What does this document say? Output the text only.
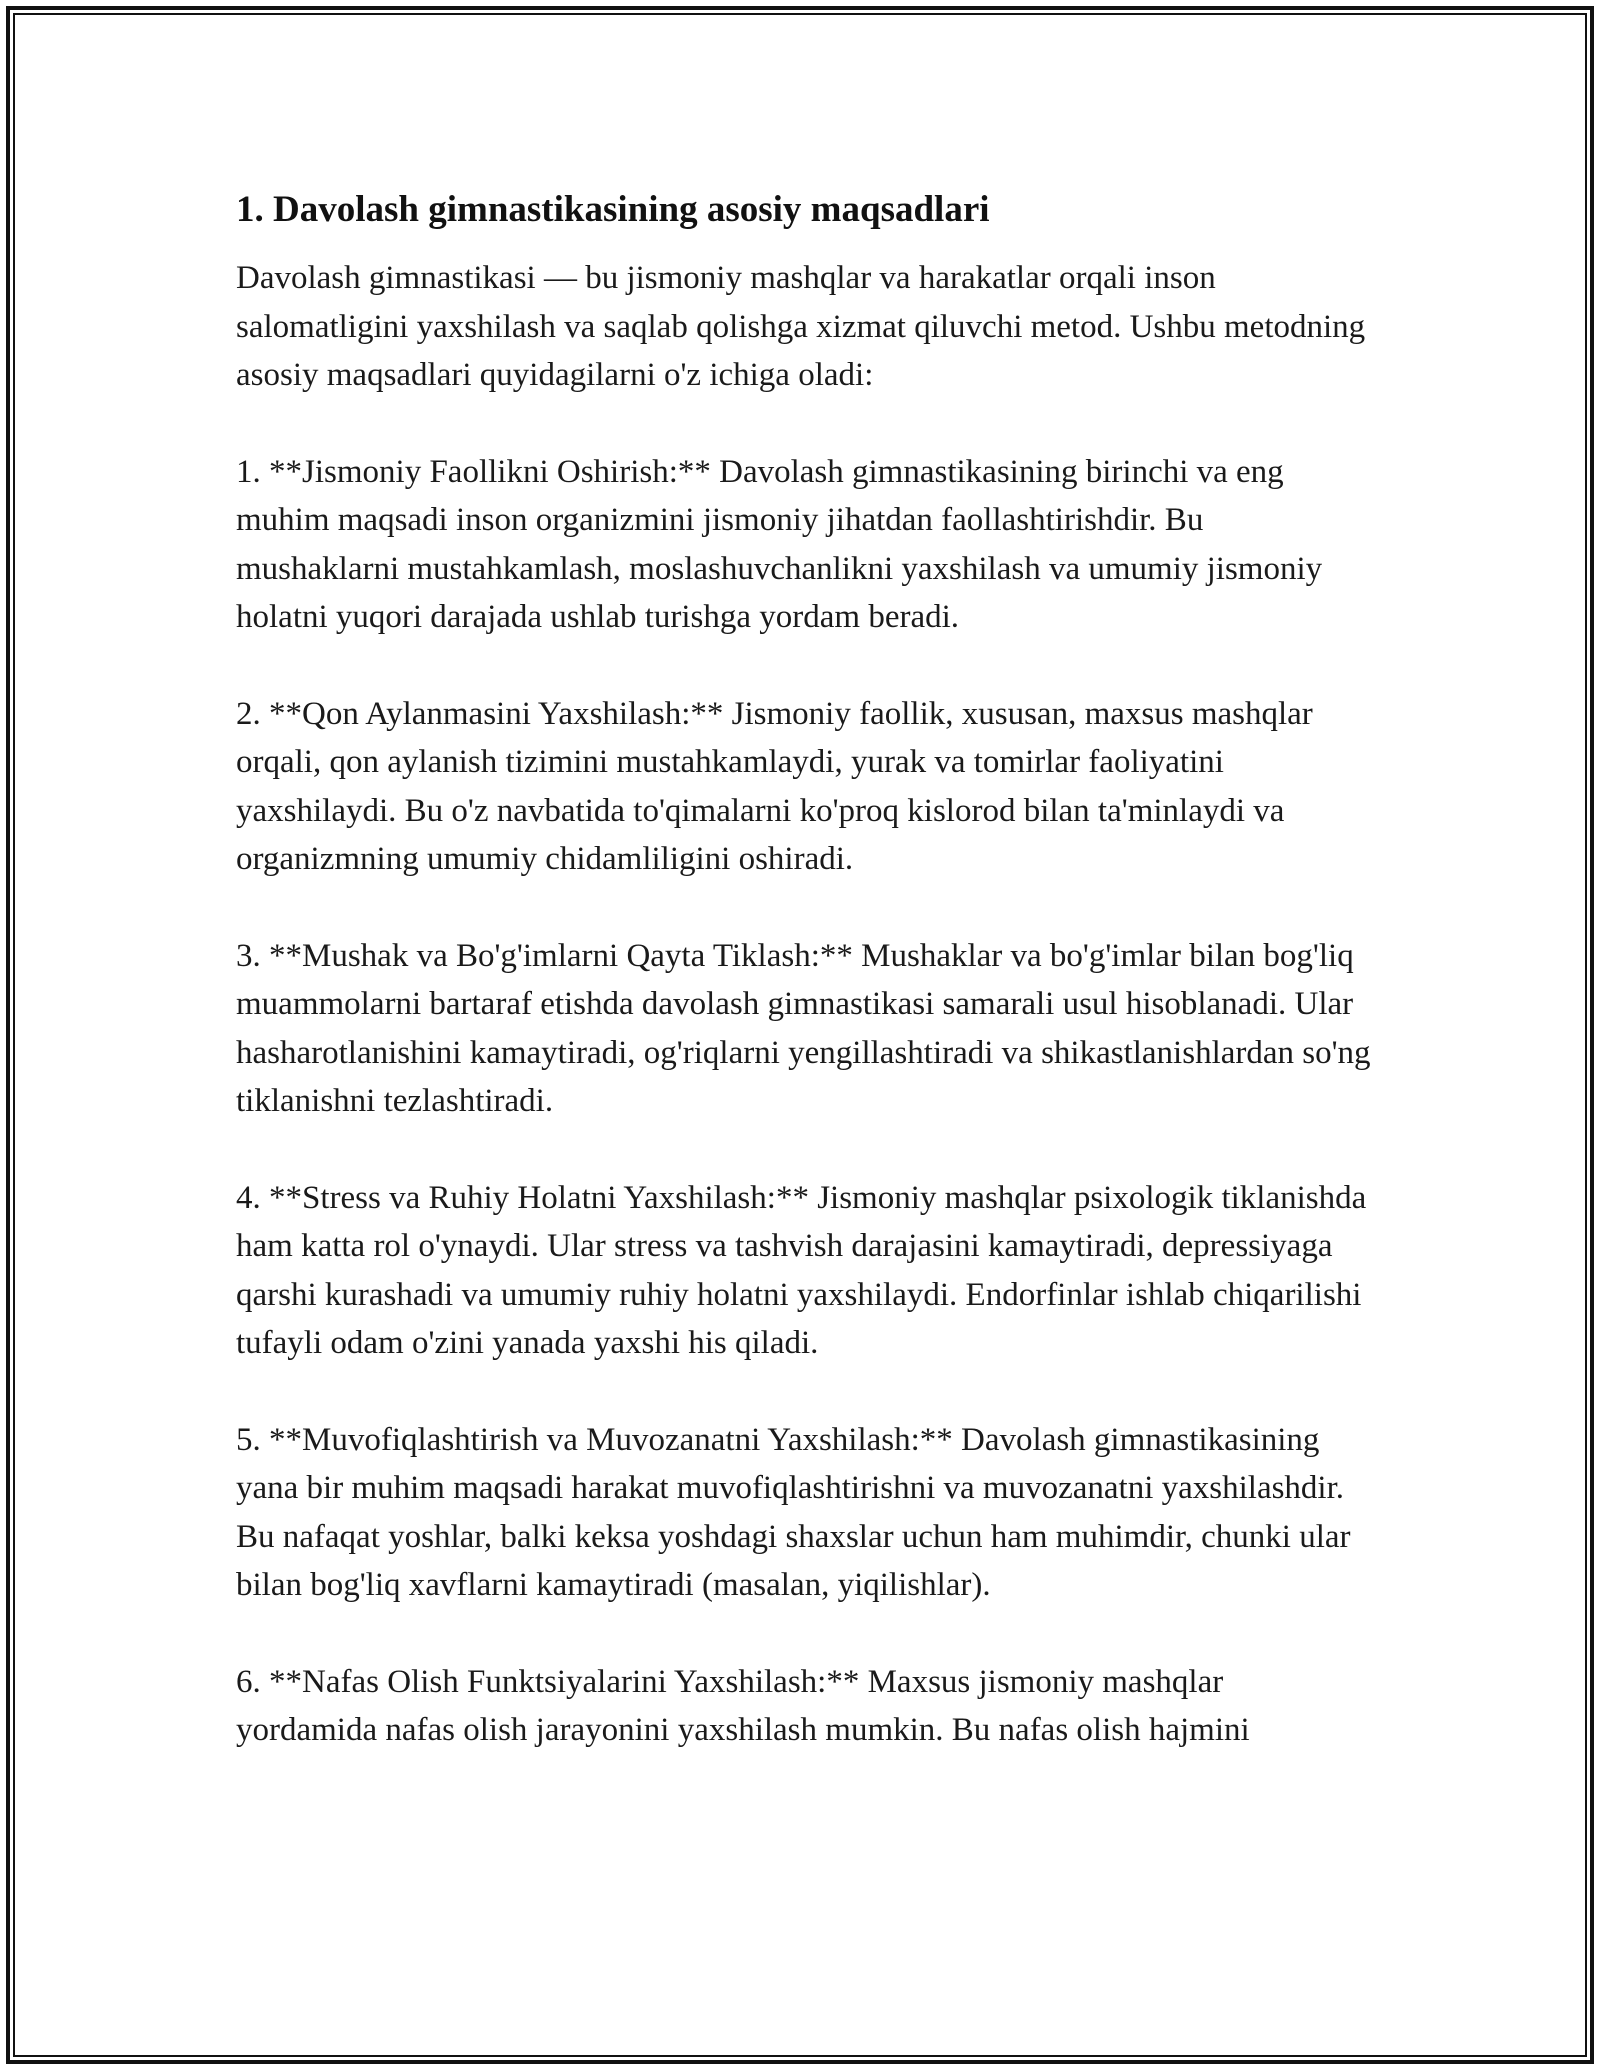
1. Davolash gimnastikasining asosiy maqsadlari

Davolash gimnastikasi — bu jismoniy mashqlar va harakatlar orqali inson salomatligini yaxshilash va saqlab qolishga xizmat qiluvchi metod. Ushbu metodning asosiy maqsadlari quyidagilarni o'z ichiga oladi:

1. **Jismoniy Faollikni Oshirish:** Davolash gimnastikasining birinchi va eng muhim maqsadi inson organizmini jismoniy jihatdan faollashtirishdir. Bu mushaklarni mustahkamlash, moslashuvchanlikni yaxshilash va umumiy jismoniy holatni yuqori darajada ushlab turishga yordam beradi.

2. **Qon Aylanmasini Yaxshilash:** Jismoniy faollik, xususan, maxsus mashqlar orqali, qon aylanish tizimini mustahkamlaydi, yurak va tomirlar faoliyatini yaxshilaydi. Bu o'z navbatida to'qimalarni ko'proq kislorod bilan ta'minlaydi va organizmning umumiy chidamliligini oshiradi.

3. **Mushak va Bo'g'imlarni Qayta Tiklash:** Mushaklar va bo'g'imlar bilan bog'liq muammolarni bartaraf etishda davolash gimnastikasi samarali usul hisoblanadi. Ular hasharotlanishini kamaytiradi, og'riqlarni yengillashtiradi va shikastlanishlardan so'ng tiklanishni tezlashtiradi.

4. **Stress va Ruhiy Holatni Yaxshilash:** Jismoniy mashqlar psixologik tiklanishda ham katta rol o'ynaydi. Ular stress va tashvish darajasini kamaytiradi, depressiyaga qarshi kurashadi va umumiy ruhiy holatni yaxshilaydi. Endorfinlar ishlab chiqarilishi tufayli odam o'zini yanada yaxshi his qiladi.

5. **Muvofiqlashtirish va Muvozanatni Yaxshilash:** Davolash gimnastikasining yana bir muhim maqsadi harakat muvofiqlashtirishni va muvozanatni yaxshilashdir. Bu nafaqat yoshlar, balki keksa yoshdagi shaxslar uchun ham muhimdir, chunki ular bilan bog'liq xavflarni kamaytiradi (masalan, yiqilishlar).

6. **Nafas Olish Funktsiyalarini Yaxshilash:** Maxsus jismoniy mashqlar yordamida nafas olish jarayonini yaxshilash mumkin. Bu nafas olish hajmini
